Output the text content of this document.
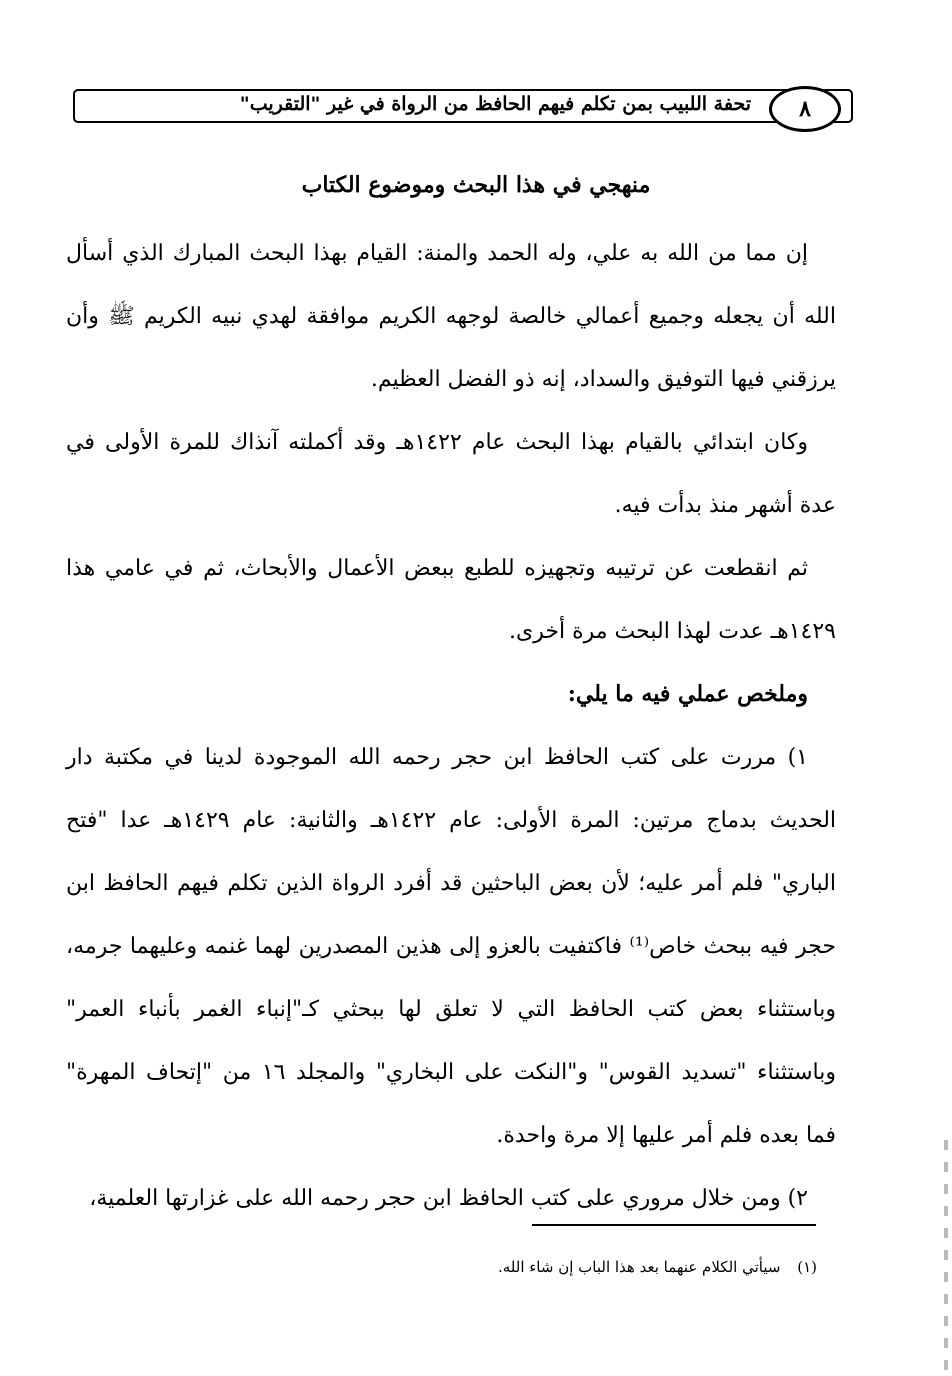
٨
تحفة اللبيب بمن تكلم فيهم الحافظ من الرواة في غير "التقريب"
منهجي في هذا البحث وموضوع الكتاب

إن مما من الله به علي، وله الحمد والمنة: القيام بهذا البحث المبارك الذي أسأل الله أن يجعله وجميع أعمالي خالصة لوجهه الكريم موافقة لهدي نبيه الكريم ﷺ وأن يرزقني فيها التوفيق والسداد، إنه ذو الفضل العظيم.

وكان ابتدائي بالقيام بهذا البحث عام ١٤٢٢هـ وقد أكملته آنذاك للمرة الأولى في عدة أشهر منذ بدأت فيه.

ثم انقطعت عن ترتيبه وتجهيزه للطبع ببعض الأعمال والأبحاث، ثم في عامي هذا ١٤٢٩هـ عدت لهذا البحث مرة أخرى.

وملخص عملي فيه ما يلي:

١) مررت على كتب الحافظ ابن حجر رحمه الله الموجودة لدينا في مكتبة دار الحديث بدماج مرتين: المرة الأولى: عام ١٤٢٢هـ والثانية: عام ١٤٢٩هـ عدا "فتح الباري" فلم أمر عليه؛ لأن بعض الباحثين قد أفرد الرواة الذين تكلم فيهم الحافظ ابن حجر فيه ببحث خاص⁽¹⁾ فاكتفيت بالعزو إلى هذين المصدرين لهما غنمه وعليهما جرمه، وباستثناء بعض كتب الحافظ التي لا تعلق لها ببحثي كـ"إنباء الغمر بأنباء العمر" وباستثناء "تسديد القوس" و"النكت على البخاري" والمجلد ١٦ من "إتحاف المهرة" فما بعده فلم أمر عليها إلا مرة واحدة.

٢) ومن خلال مروري على كتب الحافظ ابن حجر رحمه الله على غزارتها العلمية،

(١) سيأتي الكلام عنهما بعد هذا الباب إن شاء الله.
